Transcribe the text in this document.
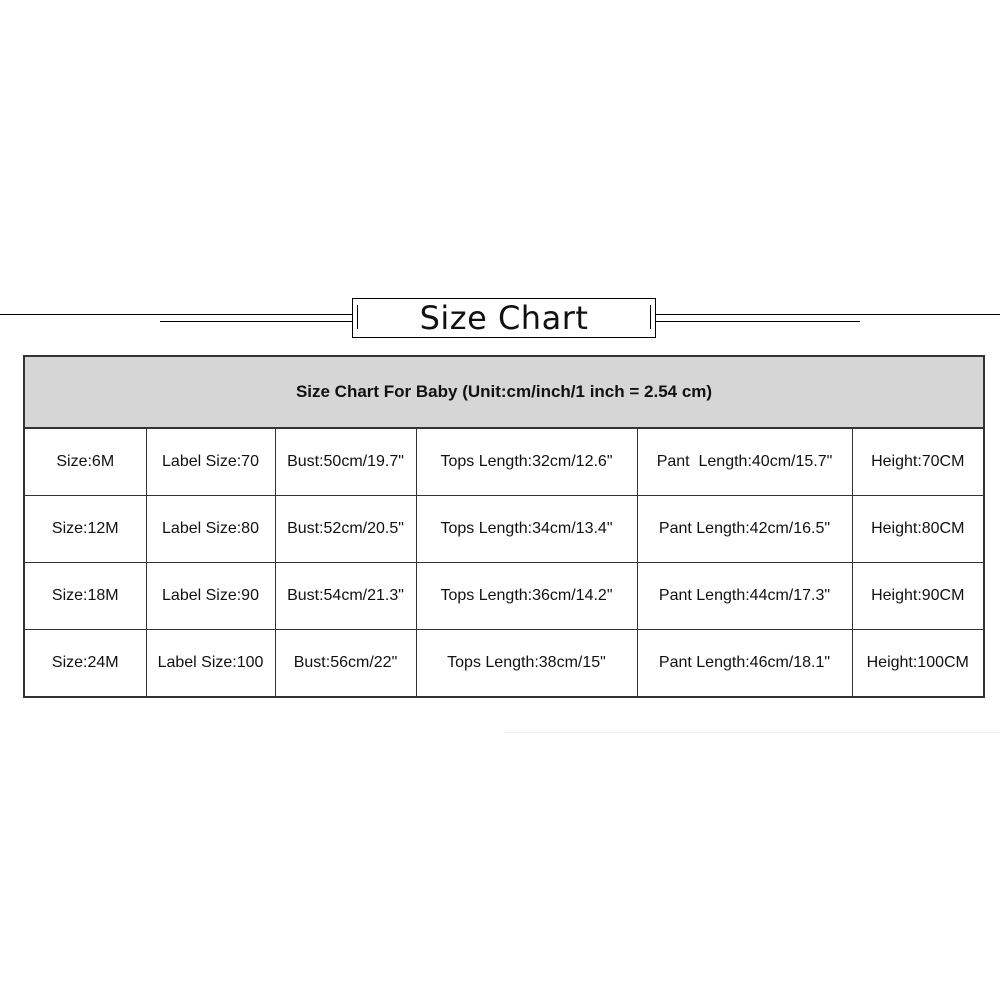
Size Chart
Size Chart For Baby (Unit:cm/inch/1 inch = 2.54 cm)					
Size:6M	Label Size:70	Bust:50cm/19.7"	Tops Length:32cm/12.6"	Pant  Length:40cm/15.7"	Height:70CM
Size:12M	Label Size:80	Bust:52cm/20.5"	Tops Length:34cm/13.4"	Pant Length:42cm/16.5"	Height:80CM
Size:18M	Label Size:90	Bust:54cm/21.3"	Tops Length:36cm/14.2"	Pant Length:44cm/17.3"	Height:90CM
Size:24M	Label Size:100	Bust:56cm/22"	Tops Length:38cm/15"	Pant Length:46cm/18.1"	Height:100CM
